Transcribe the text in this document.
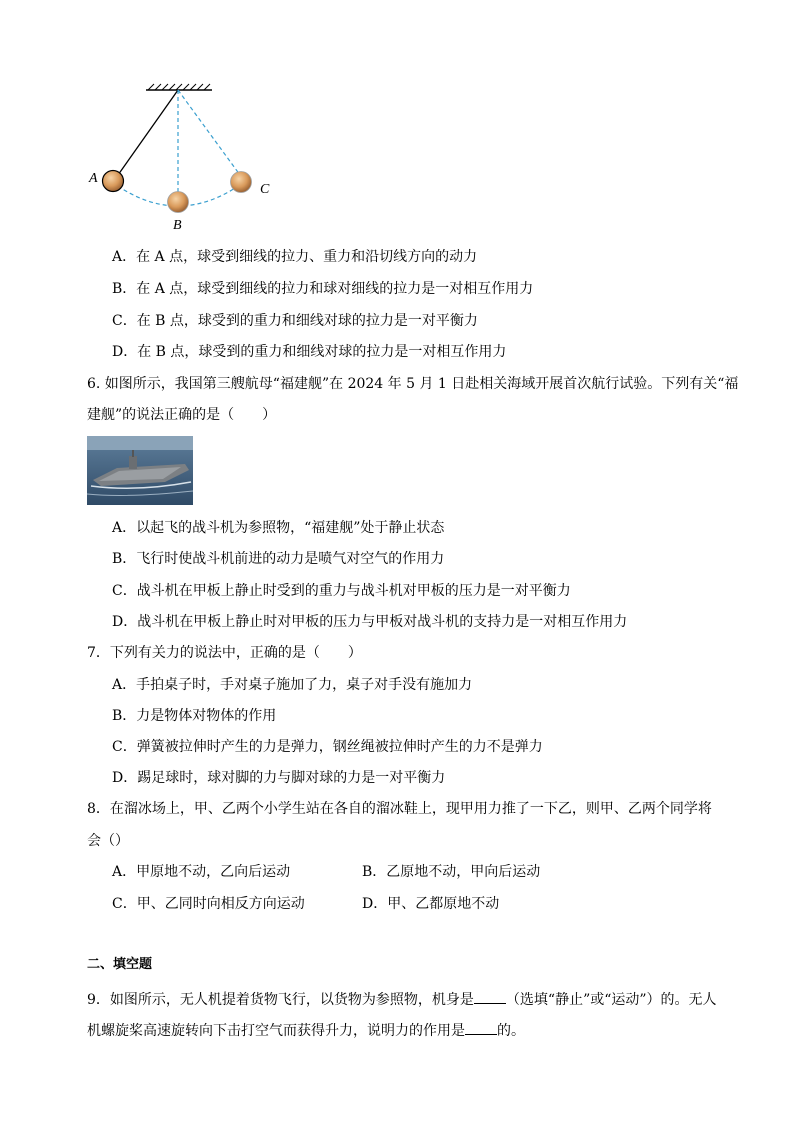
A
B
C
A．在 A 点，球受到细线的拉力、重力和沿切线方向的动力
B．在 A 点，球受到细线的拉力和球对细线的拉力是一对相互作用力
C．在 B 点，球受到的重力和细线对球的拉力是一对平衡力
D．在 B 点，球受到的重力和细线对球的拉力是一对相互作用力
6. 如图所示，我国第三艘航母“福建舰”在 2024 年 5 月 1 日赴相关海域开展首次航行试验。下列有关“福
建舰”的说法正确的是（　　）
A．以起飞的战斗机为参照物，“福建舰”处于静止状态
B．飞行时使战斗机前进的动力是喷气对空气的作用力
C．战斗机在甲板上静止时受到的重力与战斗机对甲板的压力是一对平衡力
D．战斗机在甲板上静止时对甲板的压力与甲板对战斗机的支持力是一对相互作用力
7．下列有关力的说法中，正确的是（　　）
A．手拍桌子时，手对桌子施加了力，桌子对手没有施加力
B．力是物体对物体的作用
C．弹簧被拉伸时产生的力是弹力，钢丝绳被拉伸时产生的力不是弹力
D．踢足球时，球对脚的力与脚对球的力是一对平衡力
8．在溜冰场上，甲、乙两个小学生站在各自的溜冰鞋上，现甲用力推了一下乙，则甲、乙两个同学将
会（）
A．甲原地不动，乙向后运动	B．乙原地不动，甲向后运动
C．甲、乙同时向相反方向运动	D．甲、乙都原地不动
二、填空题
9．如图所示，无人机提着货物飞行，以货物为参照物，机身是 （选填“静止”或“运动”）的。无人
机螺旋桨高速旋转向下击打空气而获得升力，说明力的作用是 的。
